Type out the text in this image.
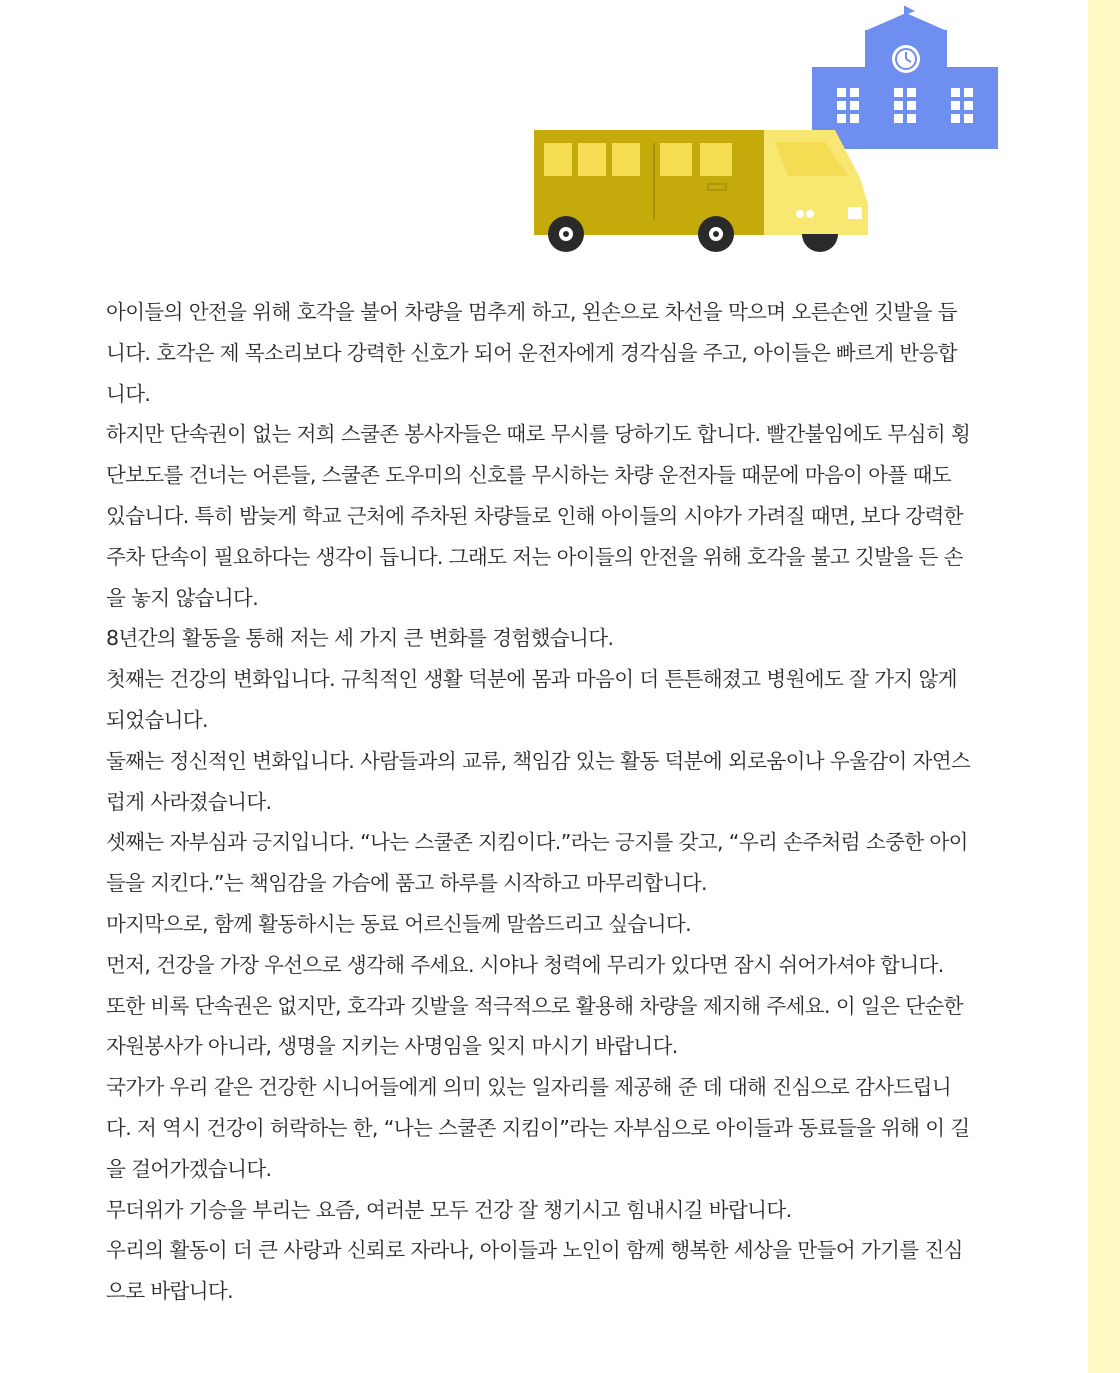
아이들의 안전을 위해 호각을 불어 차량을 멈추게 하고, 왼손으로 차선을 막으며 오른손엔 깃발을 듭니다. 호각은 제 목소리보다 강력한 신호가 되어 운전자에게 경각심을 주고, 아이들은 빠르게 반응합니다.

하지만 단속권이 없는 저희 스쿨존 봉사자들은 때로 무시를 당하기도 합니다. 빨간불임에도 무심히 횡단보도를 건너는 어른들, 스쿨존 도우미의 신호를 무시하는 차량 운전자들 때문에 마음이 아플 때도 있습니다. 특히 밤늦게 학교 근처에 주차된 차량들로 인해 아이들의 시야가 가려질 때면, 보다 강력한 주차 단속이 필요하다는 생각이 듭니다. 그래도 저는 아이들의 안전을 위해 호각을 불고 깃발을 든 손을 놓지 않습니다.

8년간의 활동을 통해 저는 세 가지 큰 변화를 경험했습니다.

첫째는 건강의 변화입니다. 규칙적인 생활 덕분에 몸과 마음이 더 튼튼해졌고 병원에도 잘 가지 않게 되었습니다.

둘째는 정신적인 변화입니다. 사람들과의 교류, 책임감 있는 활동 덕분에 외로움이나 우울감이 자연스럽게 사라졌습니다.

셋째는 자부심과 긍지입니다. “나는 스쿨존 지킴이다.”라는 긍지를 갖고, “우리 손주처럼 소중한 아이들을 지킨다.”는 책임감을 가슴에 품고 하루를 시작하고 마무리합니다.

마지막으로, 함께 활동하시는 동료 어르신들께 말씀드리고 싶습니다.

먼저, 건강을 가장 우선으로 생각해 주세요. 시야나 청력에 무리가 있다면 잠시 쉬어가셔야 합니다.

또한 비록 단속권은 없지만, 호각과 깃발을 적극적으로 활용해 차량을 제지해 주세요. 이 일은 단순한 자원봉사가 아니라, 생명을 지키는 사명임을 잊지 마시기 바랍니다.

국가가 우리 같은 건강한 시니어들에게 의미 있는 일자리를 제공해 준 데 대해 진심으로 감사드립니다. 저 역시 건강이 허락하는 한, “나는 스쿨존 지킴이”라는 자부심으로 아이들과 동료들을 위해 이 길을 걸어가겠습니다.

무더위가 기승을 부리는 요즘, 여러분 모두 건강 잘 챙기시고 힘내시길 바랍니다.

우리의 활동이 더 큰 사랑과 신뢰로 자라나, 아이들과 노인이 함께 행복한 세상을 만들어 가기를 진심으로 바랍니다.
